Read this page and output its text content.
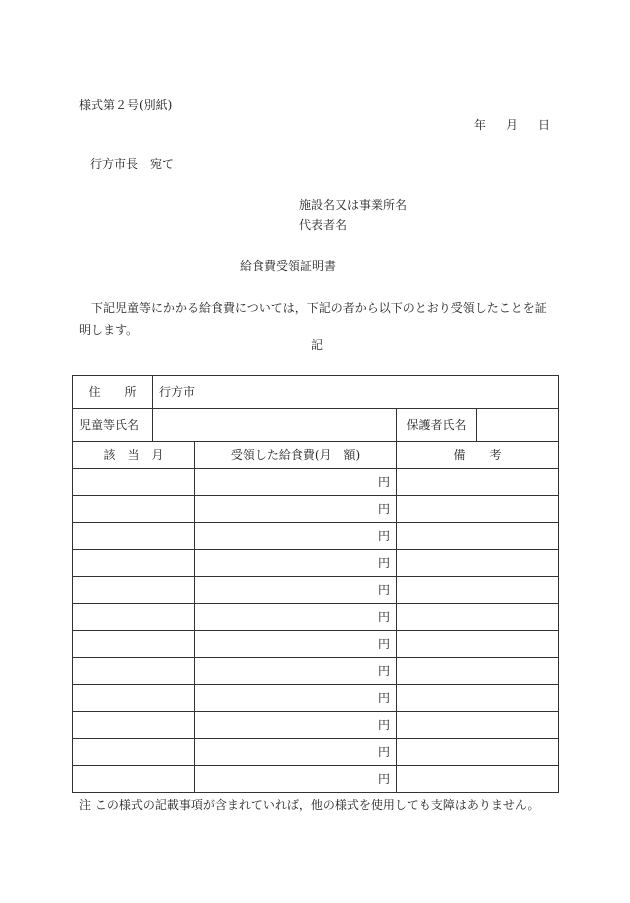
様式第２号(別紙)
年 月 日
行方市長　宛て
施設名又は事業所名
代表者名
給食費受領証明書
下記児童等にかかる給食費については，下記の者から以下のとおり受領したことを証明します。
記
住　　所	行方市			
児童等氏名			保護者氏名	
該　当　月		受領した給食費(月　額)	備　　考	
		円		
		円		
		円		
		円		
		円		
		円		
		円		
		円		
		円		
		円		
		円		
		円		
注 この様式の記載事項が含まれていれば，他の様式を使用しても支障はありません。
